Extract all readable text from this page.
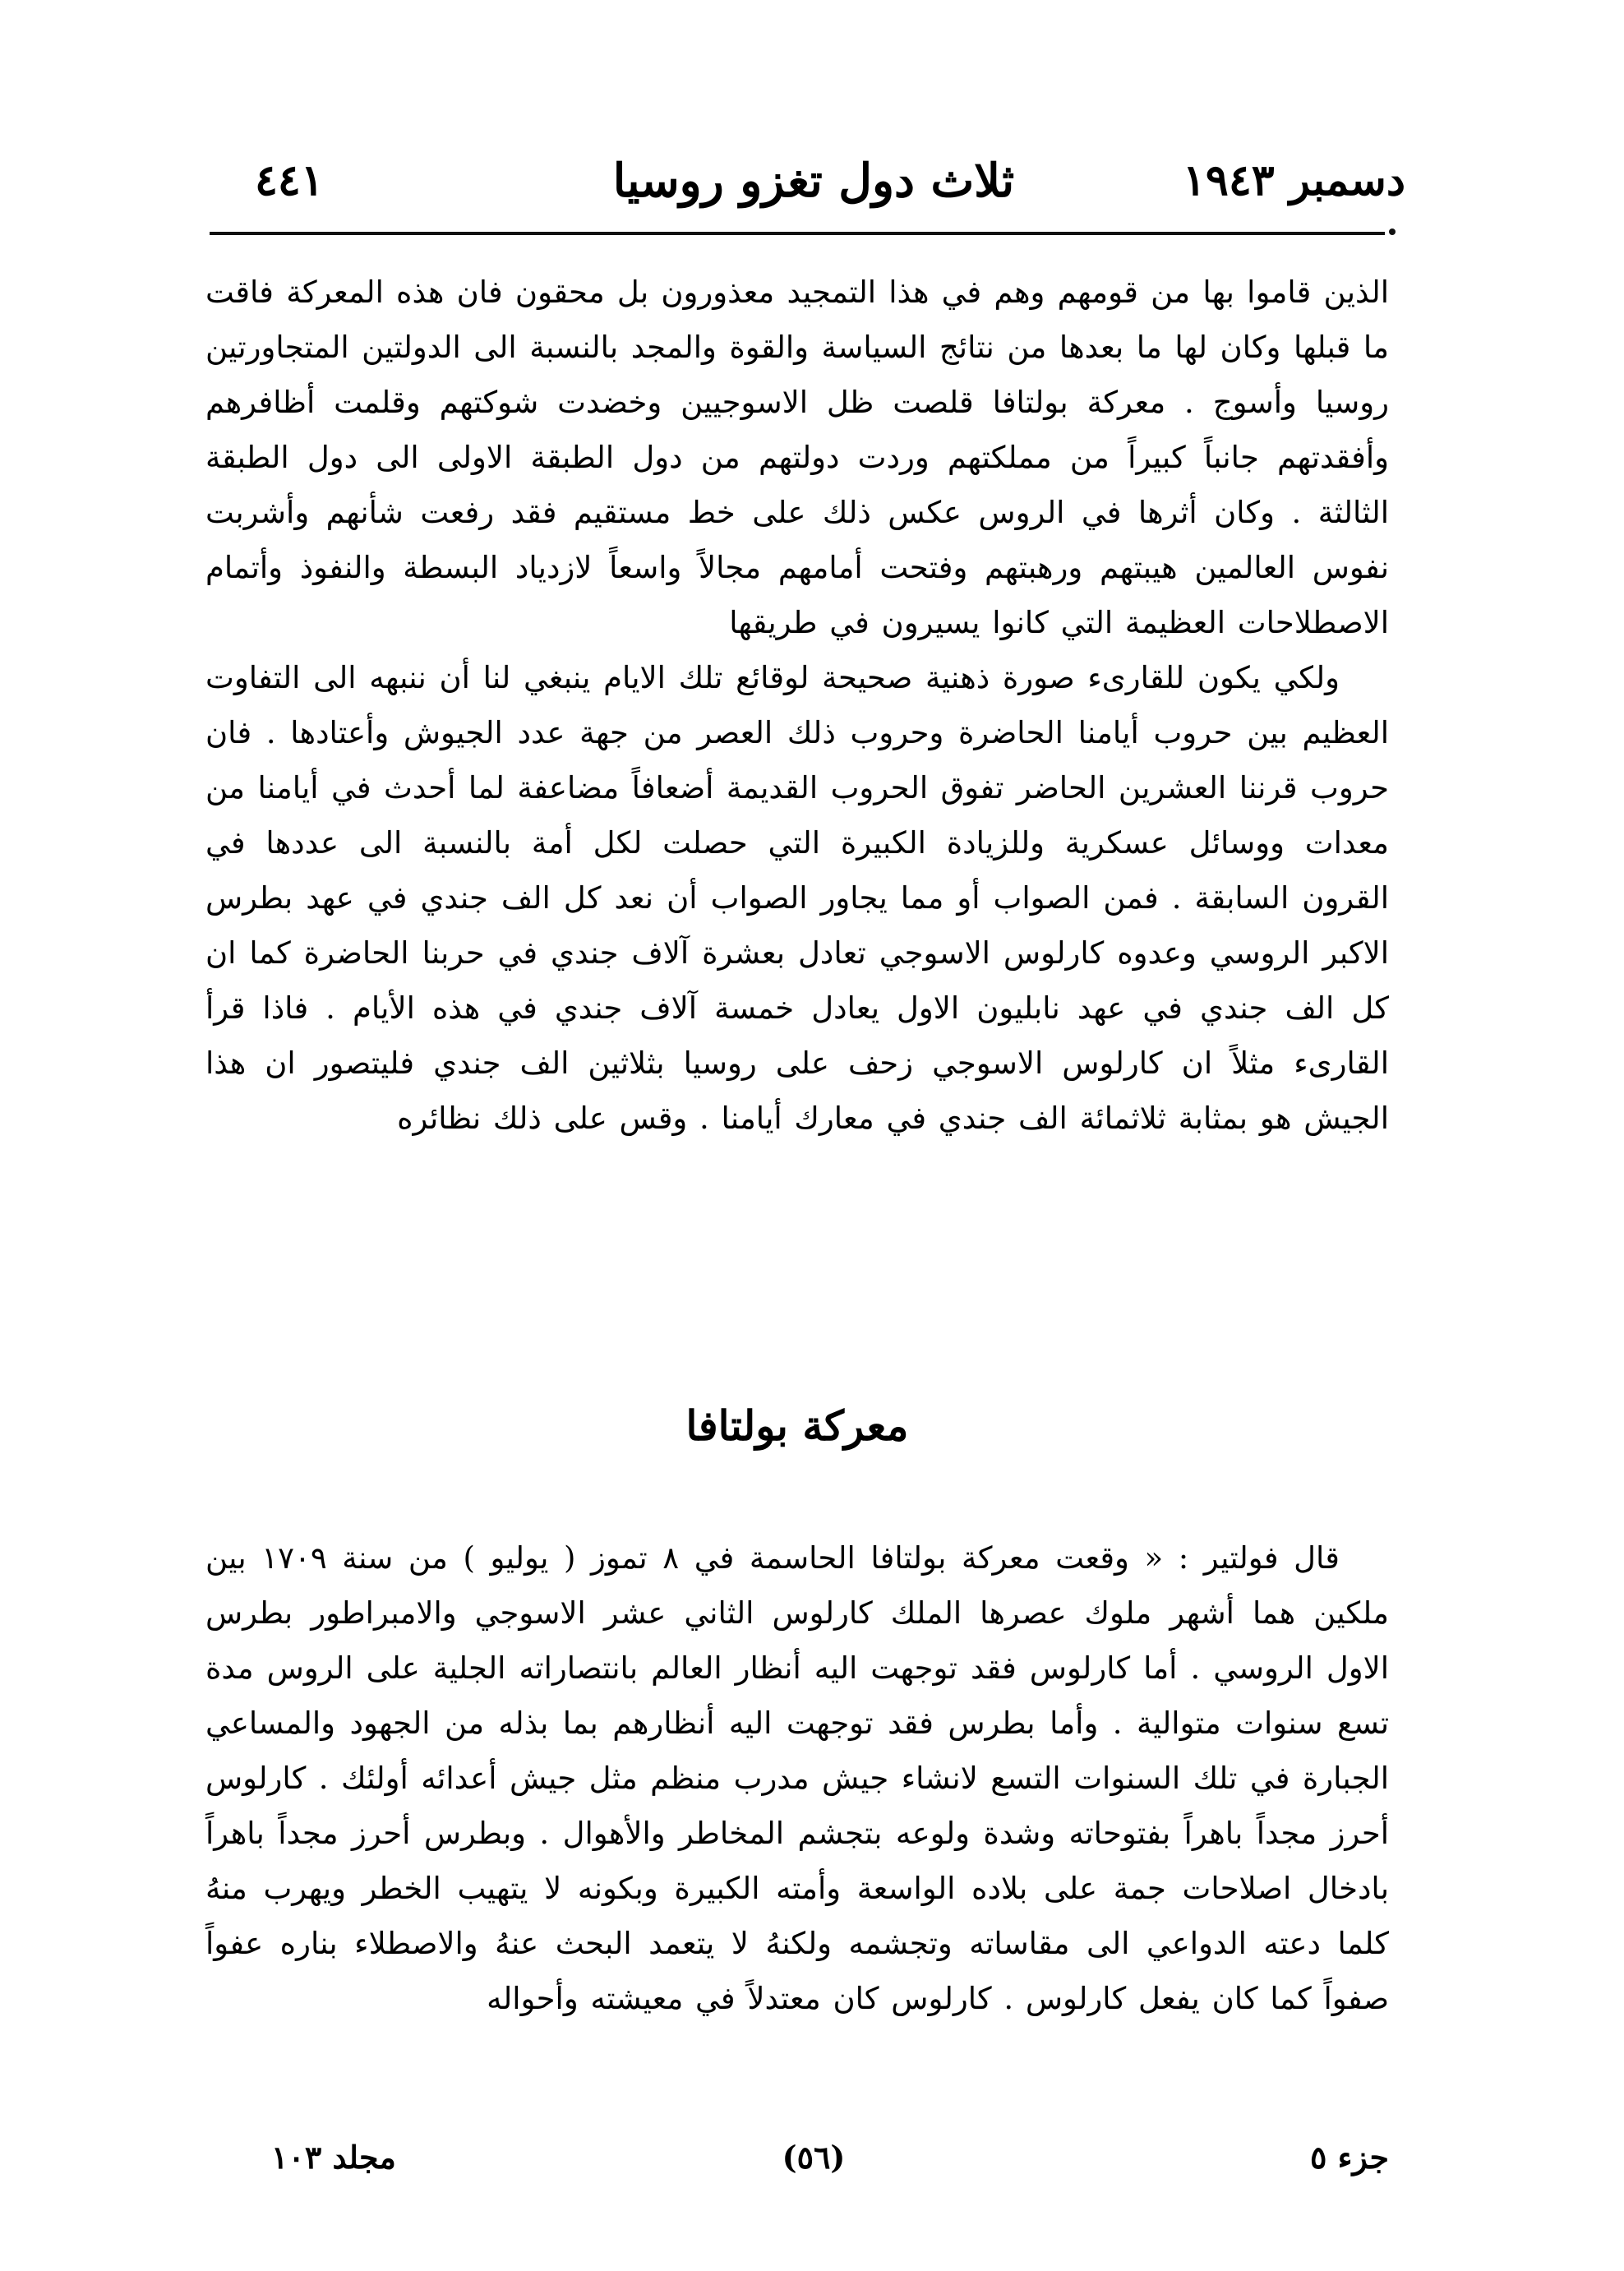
دسمبر ١٩٤٣
ثلاث دول تغزو روسيا
٤٤١

الذين قاموا بها من قومهم وهم في هذا التمجيد معذورون بل محقون فان هذه المعركة فاقت ما قبلها وكان لها ما بعدها من نتائج السياسة والقوة والمجد بالنسبة الى الدولتين المتجاورتين روسيا وأسوج . معركة بولتافا قلصت ظل الاسوجيين وخضدت شوكتهم وقلمت أظافرهم وأفقدتهم جانباً كبيراً من مملكتهم وردت دولتهم من دول الطبقة الاولى الى دول الطبقة الثالثة . وكان أثرها في الروس عكس ذلك على خط مستقيم فقد رفعت شأنهم وأشربت نفوس العالمين هيبتهم ورهبتهم وفتحت أمامهم مجالاً واسعاً لازدياد البسطة والنفوذ وأتمام الاصطلاحات العظيمة التي كانوا يسيرون في طريقها

ولكي يكون للقارىء صورة ذهنية صحيحة لوقائع تلك الايام ينبغي لنا أن ننبهه الى التفاوت العظيم بين حروب أيامنا الحاضرة وحروب ذلك العصر من جهة عدد الجيوش وأعتادها . فان حروب قرننا العشرين الحاضر تفوق الحروب القديمة أضعافاً مضاعفة لما أحدث في أيامنا من معدات ووسائل عسكرية وللزيادة الكبيرة التي حصلت لكل أمة بالنسبة الى عددها في القرون السابقة . فمن الصواب أو مما يجاور الصواب أن نعد كل الف جندي في عهد بطرس الاكبر الروسي وعدوه كارلوس الاسوجي تعادل بعشرة آلاف جندي في حربنا الحاضرة كما ان كل الف جندي في عهد نابليون الاول يعادل خمسة آلاف جندي في هذه الأيام . فاذا قرأ القارىء مثلاً ان كارلوس الاسوجي زحف على روسيا بثلاثين الف جندي فليتصور ان هذا الجيش هو بمثابة ثلاثمائة الف جندي في معارك أيامنا . وقس على ذلك نظائره

معركة بولتافا

قال فولتير : « وقعت معركة بولتافا الحاسمة في ٨ تموز ( يوليو ) من سنة ١٧٠٩ بين ملكين هما أشهر ملوك عصرها الملك كارلوس الثاني عشر الاسوجي والامبراطور بطرس الاول الروسي . أما كارلوس فقد توجهت اليه أنظار العالم بانتصاراته الجلية على الروس مدة تسع سنوات متوالية . وأما بطرس فقد توجهت اليه أنظارهم بما بذله من الجهود والمساعي الجبارة في تلك السنوات التسع لانشاء جيش مدرب منظم مثل جيش أعدائه أولئك . كارلوس أحرز مجداً باهراً بفتوحاته وشدة ولوعه بتجشم المخاطر والأهوال . وبطرس أحرز مجداً باهراً بادخال اصلاحات جمة على بلاده الواسعة وأمته الكبيرة وبكونه لا يتهيب الخطر ويهرب منهُ كلما دعته الدواعي الى مقاساته وتجشمه ولكنهُ لا يتعمد البحث عنهُ والاصطلاء بناره عفواً صفواً كما كان يفعل كارلوس . كارلوس كان معتدلاً في معيشته وأحواله

جزء ٥
(٥٦)
مجلد ١٠٣
